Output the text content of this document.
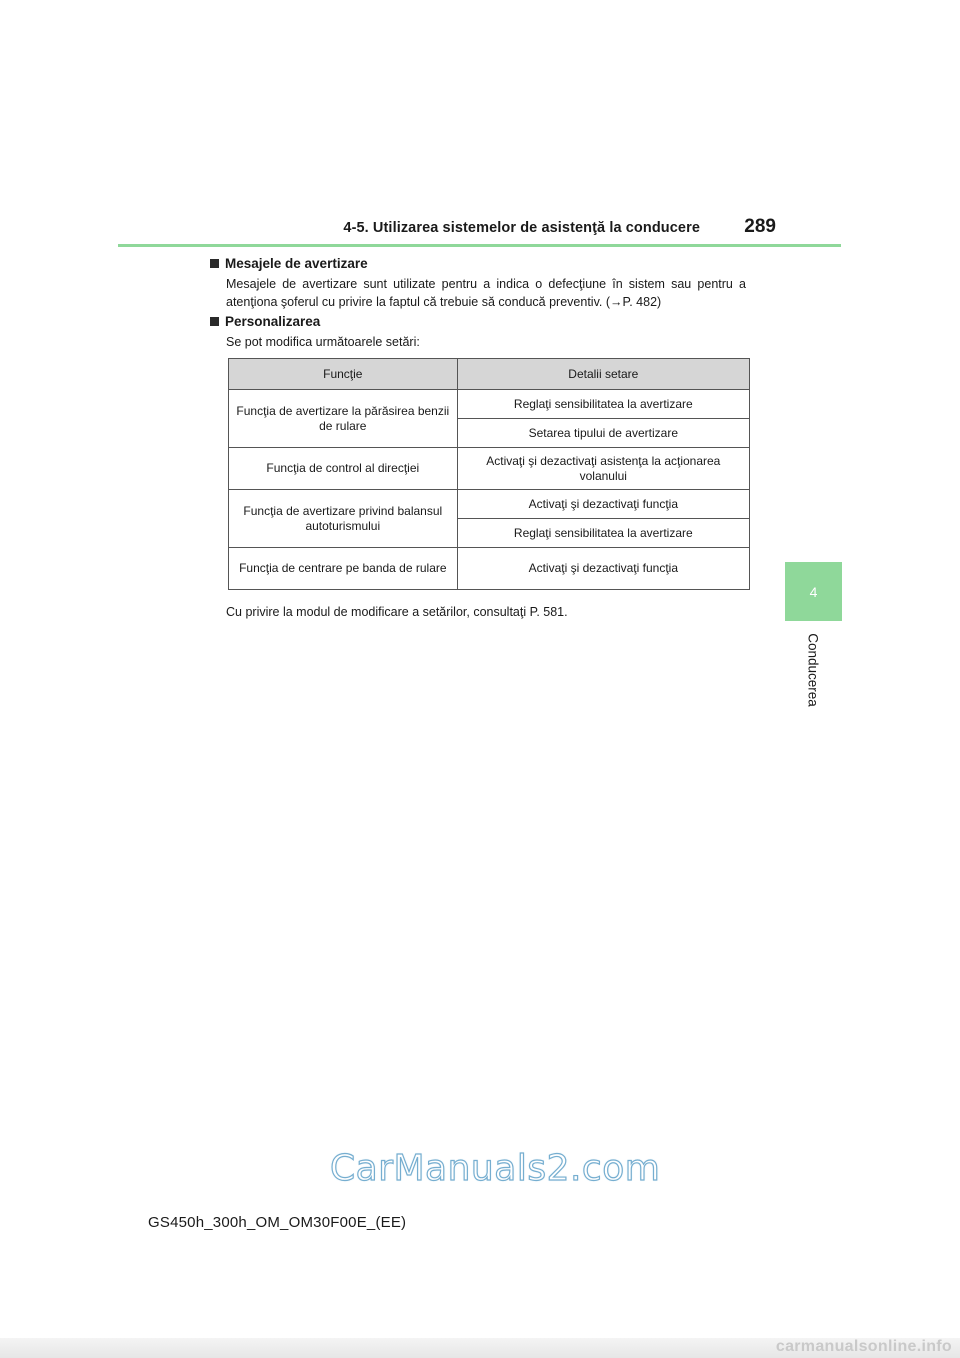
4-5. Utilizarea sistemelor de asistenţă la conducere	289
4
Conducerea
Mesajele de avertizare
Mesajele de avertizare sunt utilizate pentru a indica o defecţiune în sistem sau pentru a atenţiona şoferul cu privire la faptul că trebuie să conducă preventiv. (→P. 482)
Personalizarea
Se pot modifica următoarele setări:
Funcţie	Detalii setare
Funcţia de avertizare la părăsirea benzii de rulare	Reglaţi sensibilitatea la avertizare
	Setarea tipului de avertizare
Funcţia de control al direcţiei	Activaţi şi dezactivaţi asistenţa la acţionarea volanului
Funcţia de avertizare privind balansul autoturismului	Activaţi şi dezactivaţi funcţia
	Reglaţi sensibilitatea la avertizare
Funcţia de centrare pe banda de rulare	Activaţi şi dezactivaţi funcţia
Cu privire la modul de modificare a setărilor, consultaţi P. 581.
CarManuals2.com
GS450h_300h_OM_OM30F00E_(EE)
carmanualsonline.info
